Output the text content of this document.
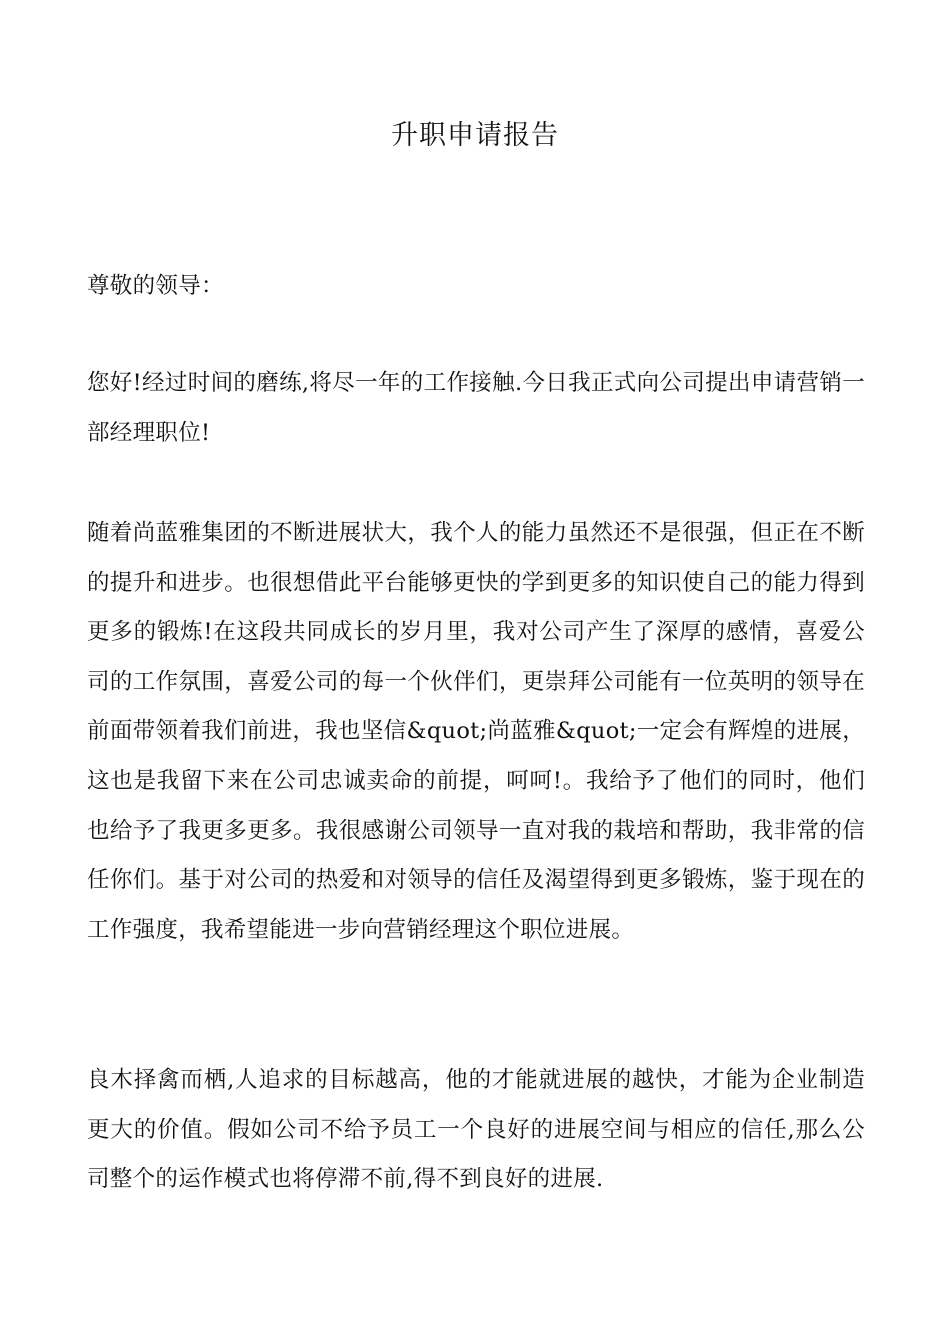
升职申请报告

尊敬的领导：

您好!经过时间的磨练,将尽一年的工作接触.今日我正式向公司提出申请营销一部经理职位!

随着尚蓝雅集团的不断进展状大，我个人的能力虽然还不是很强，但正在不断的提升和进步。也很想借此平台能够更快的学到更多的知识使自己的能力得到更多的锻炼!在这段共同成长的岁月里，我对公司产生了深厚的感情，喜爱公司的工作氛围，喜爱公司的每一个伙伴们，更崇拜公司能有一位英明的领导在前面带领着我们前进，我也坚信&quot;尚蓝雅&quot;一定会有辉煌的进展，这也是我留下来在公司忠诚卖命的前提，呵呵!。我给予了他们的同时，他们也给予了我更多更多。我很感谢公司领导一直对我的栽培和帮助，我非常的信任你们。基于对公司的热爱和对领导的信任及渴望得到更多锻炼，鉴于现在的工作强度，我希望能进一步向营销经理这个职位进展。

良木择禽而栖,人追求的目标越高，他的才能就进展的越快，才能为企业制造更大的价值。假如公司不给予员工一个良好的进展空间与相应的信任,那么公司整个的运作模式也将停滞不前,得不到良好的进展.
